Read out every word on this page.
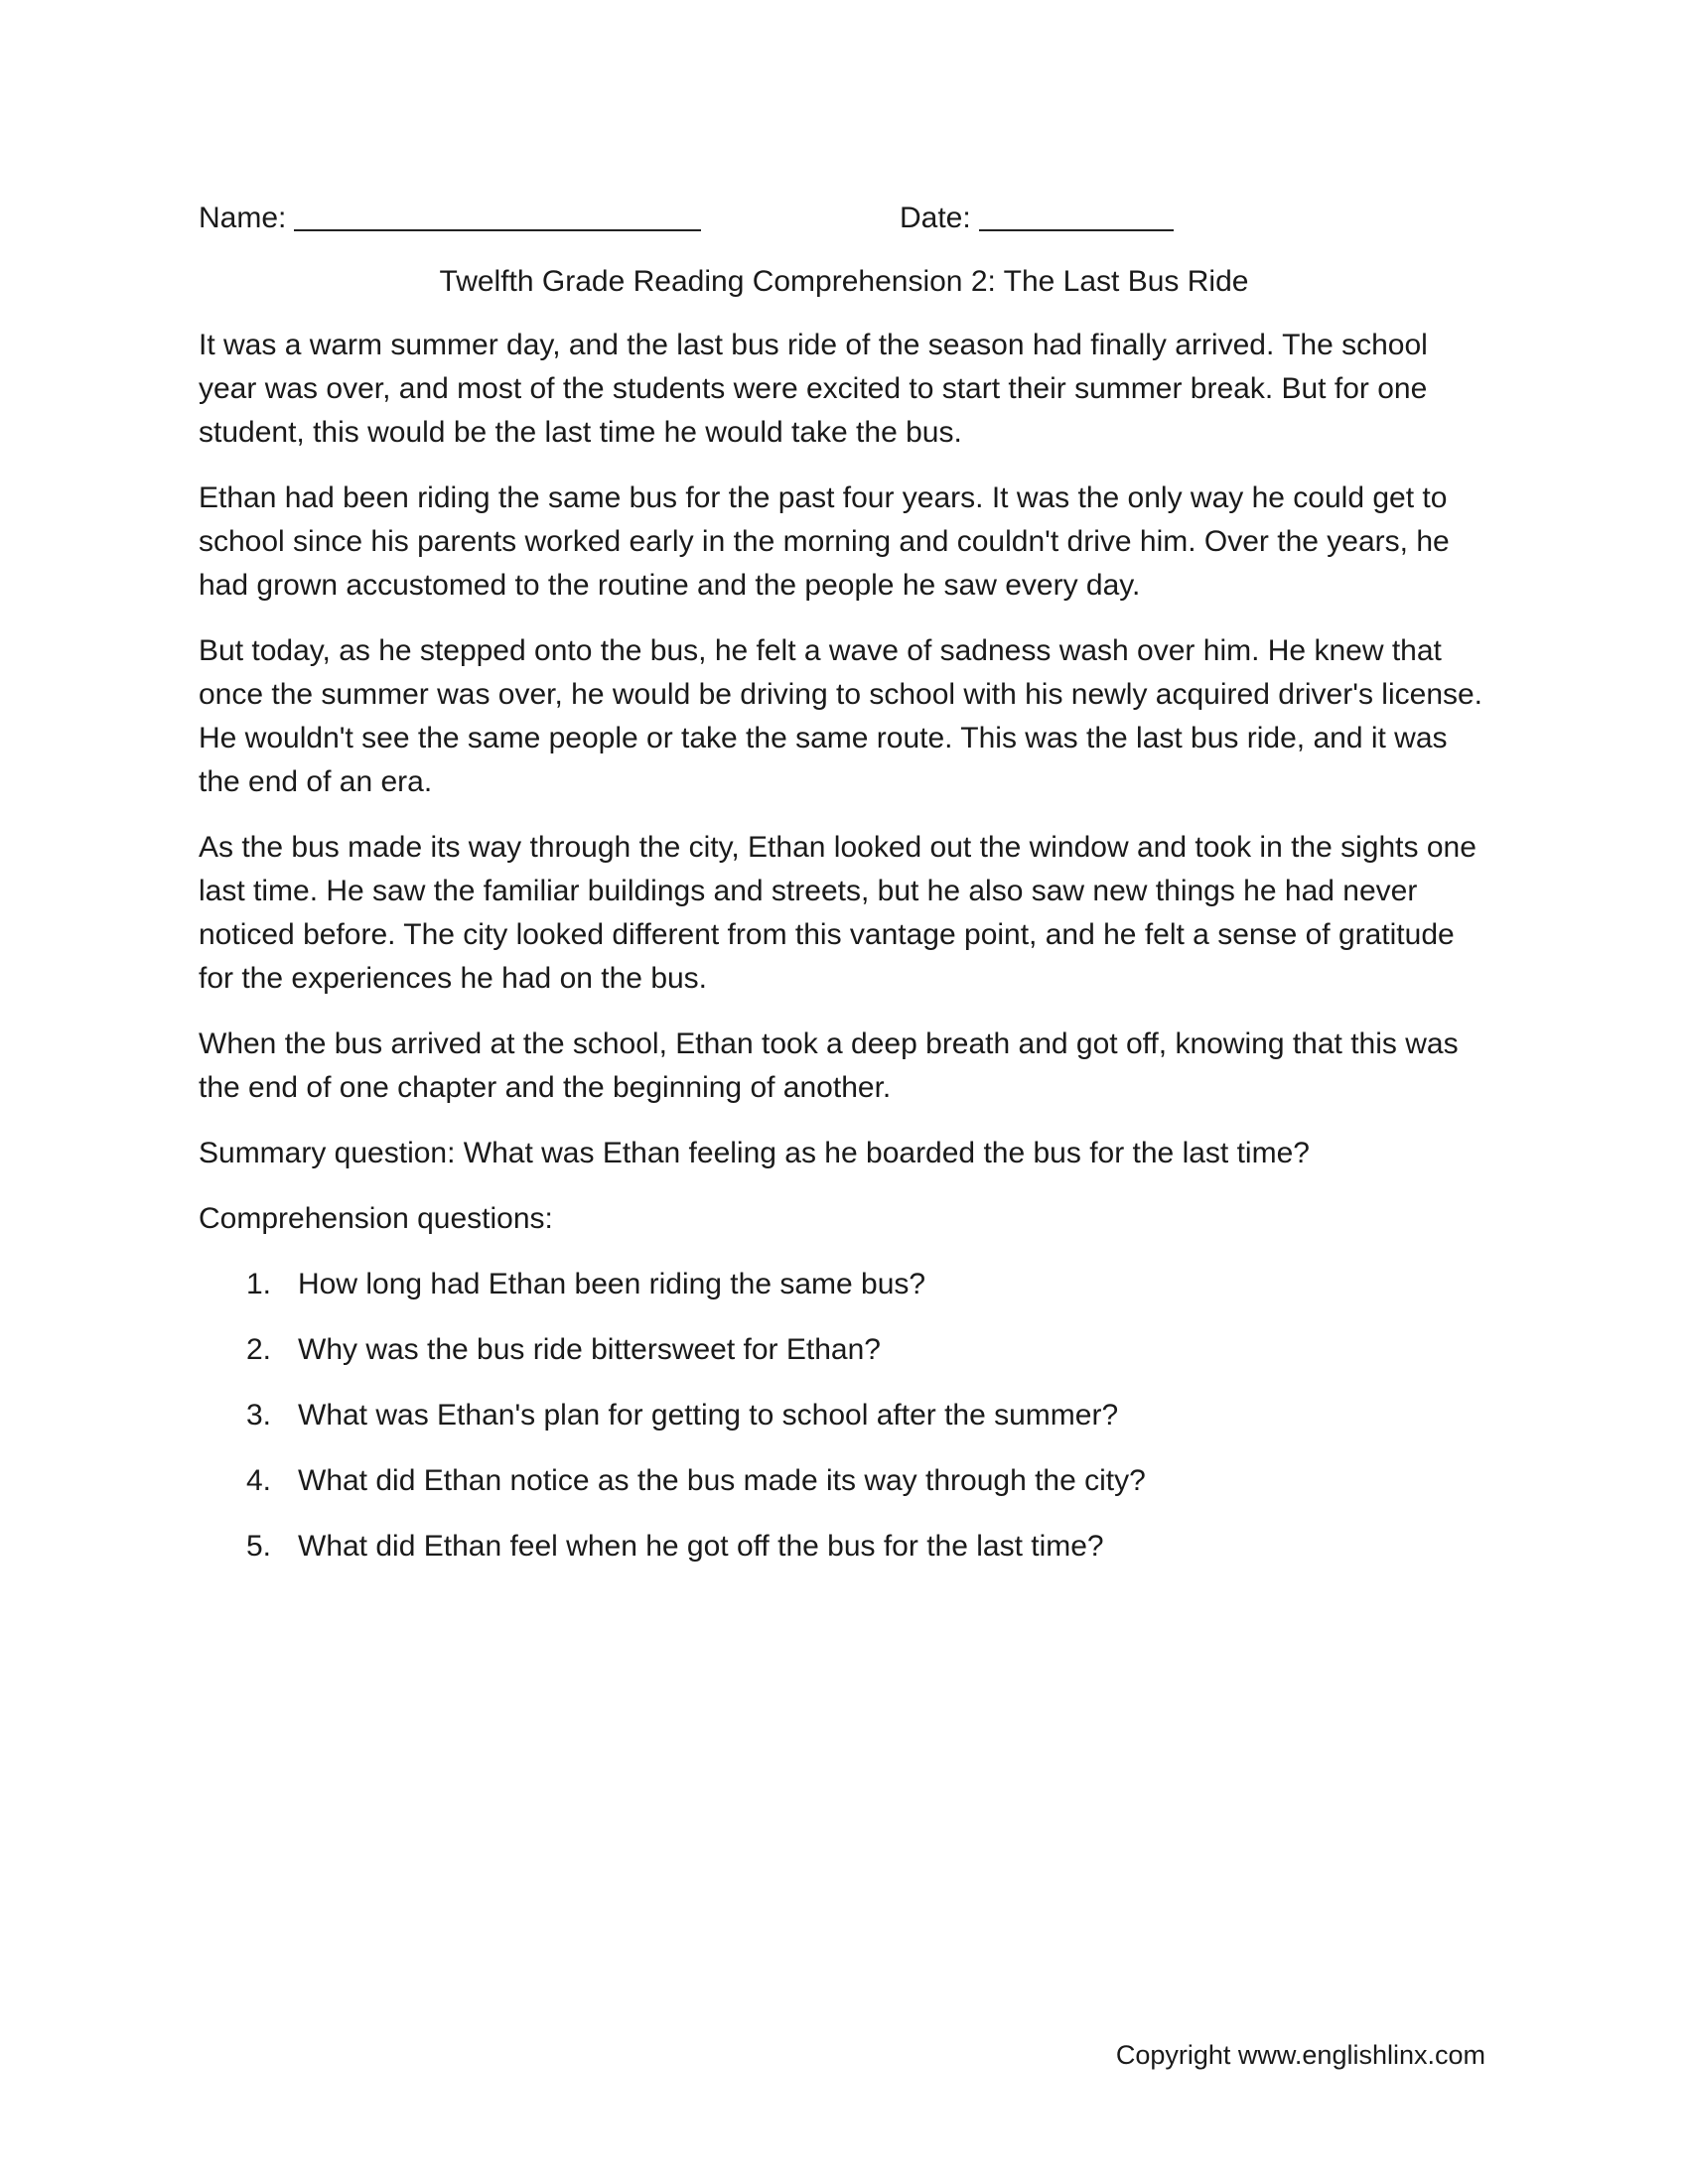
Name:	Date:
Twelfth Grade Reading Comprehension 2: The Last Bus Ride

It was a warm summer day, and the last bus ride of the season had finally arrived. The school year was over, and most of the students were excited to start their summer break. But for one student, this would be the last time he would take the bus.

Ethan had been riding the same bus for the past four years. It was the only way he could get to school since his parents worked early in the morning and couldn't drive him. Over the years, he had grown accustomed to the routine and the people he saw every day.

But today, as he stepped onto the bus, he felt a wave of sadness wash over him. He knew that once the summer was over, he would be driving to school with his newly acquired driver's license. He wouldn't see the same people or take the same route. This was the last bus ride, and it was the end of an era.

As the bus made its way through the city, Ethan looked out the window and took in the sights one last time. He saw the familiar buildings and streets, but he also saw new things he had never noticed before. The city looked different from this vantage point, and he felt a sense of gratitude for the experiences he had on the bus.

When the bus arrived at the school, Ethan took a deep breath and got off, knowing that this was the end of one chapter and the beginning of another.

Summary question: What was Ethan feeling as he boarded the bus for the last time?

Comprehension questions:

1. How long had Ethan been riding the same bus?
2. Why was the bus ride bittersweet for Ethan?
3. What was Ethan's plan for getting to school after the summer?
4. What did Ethan notice as the bus made its way through the city?
5. What did Ethan feel when he got off the bus for the last time?
Copyright www.englishlinx.com
